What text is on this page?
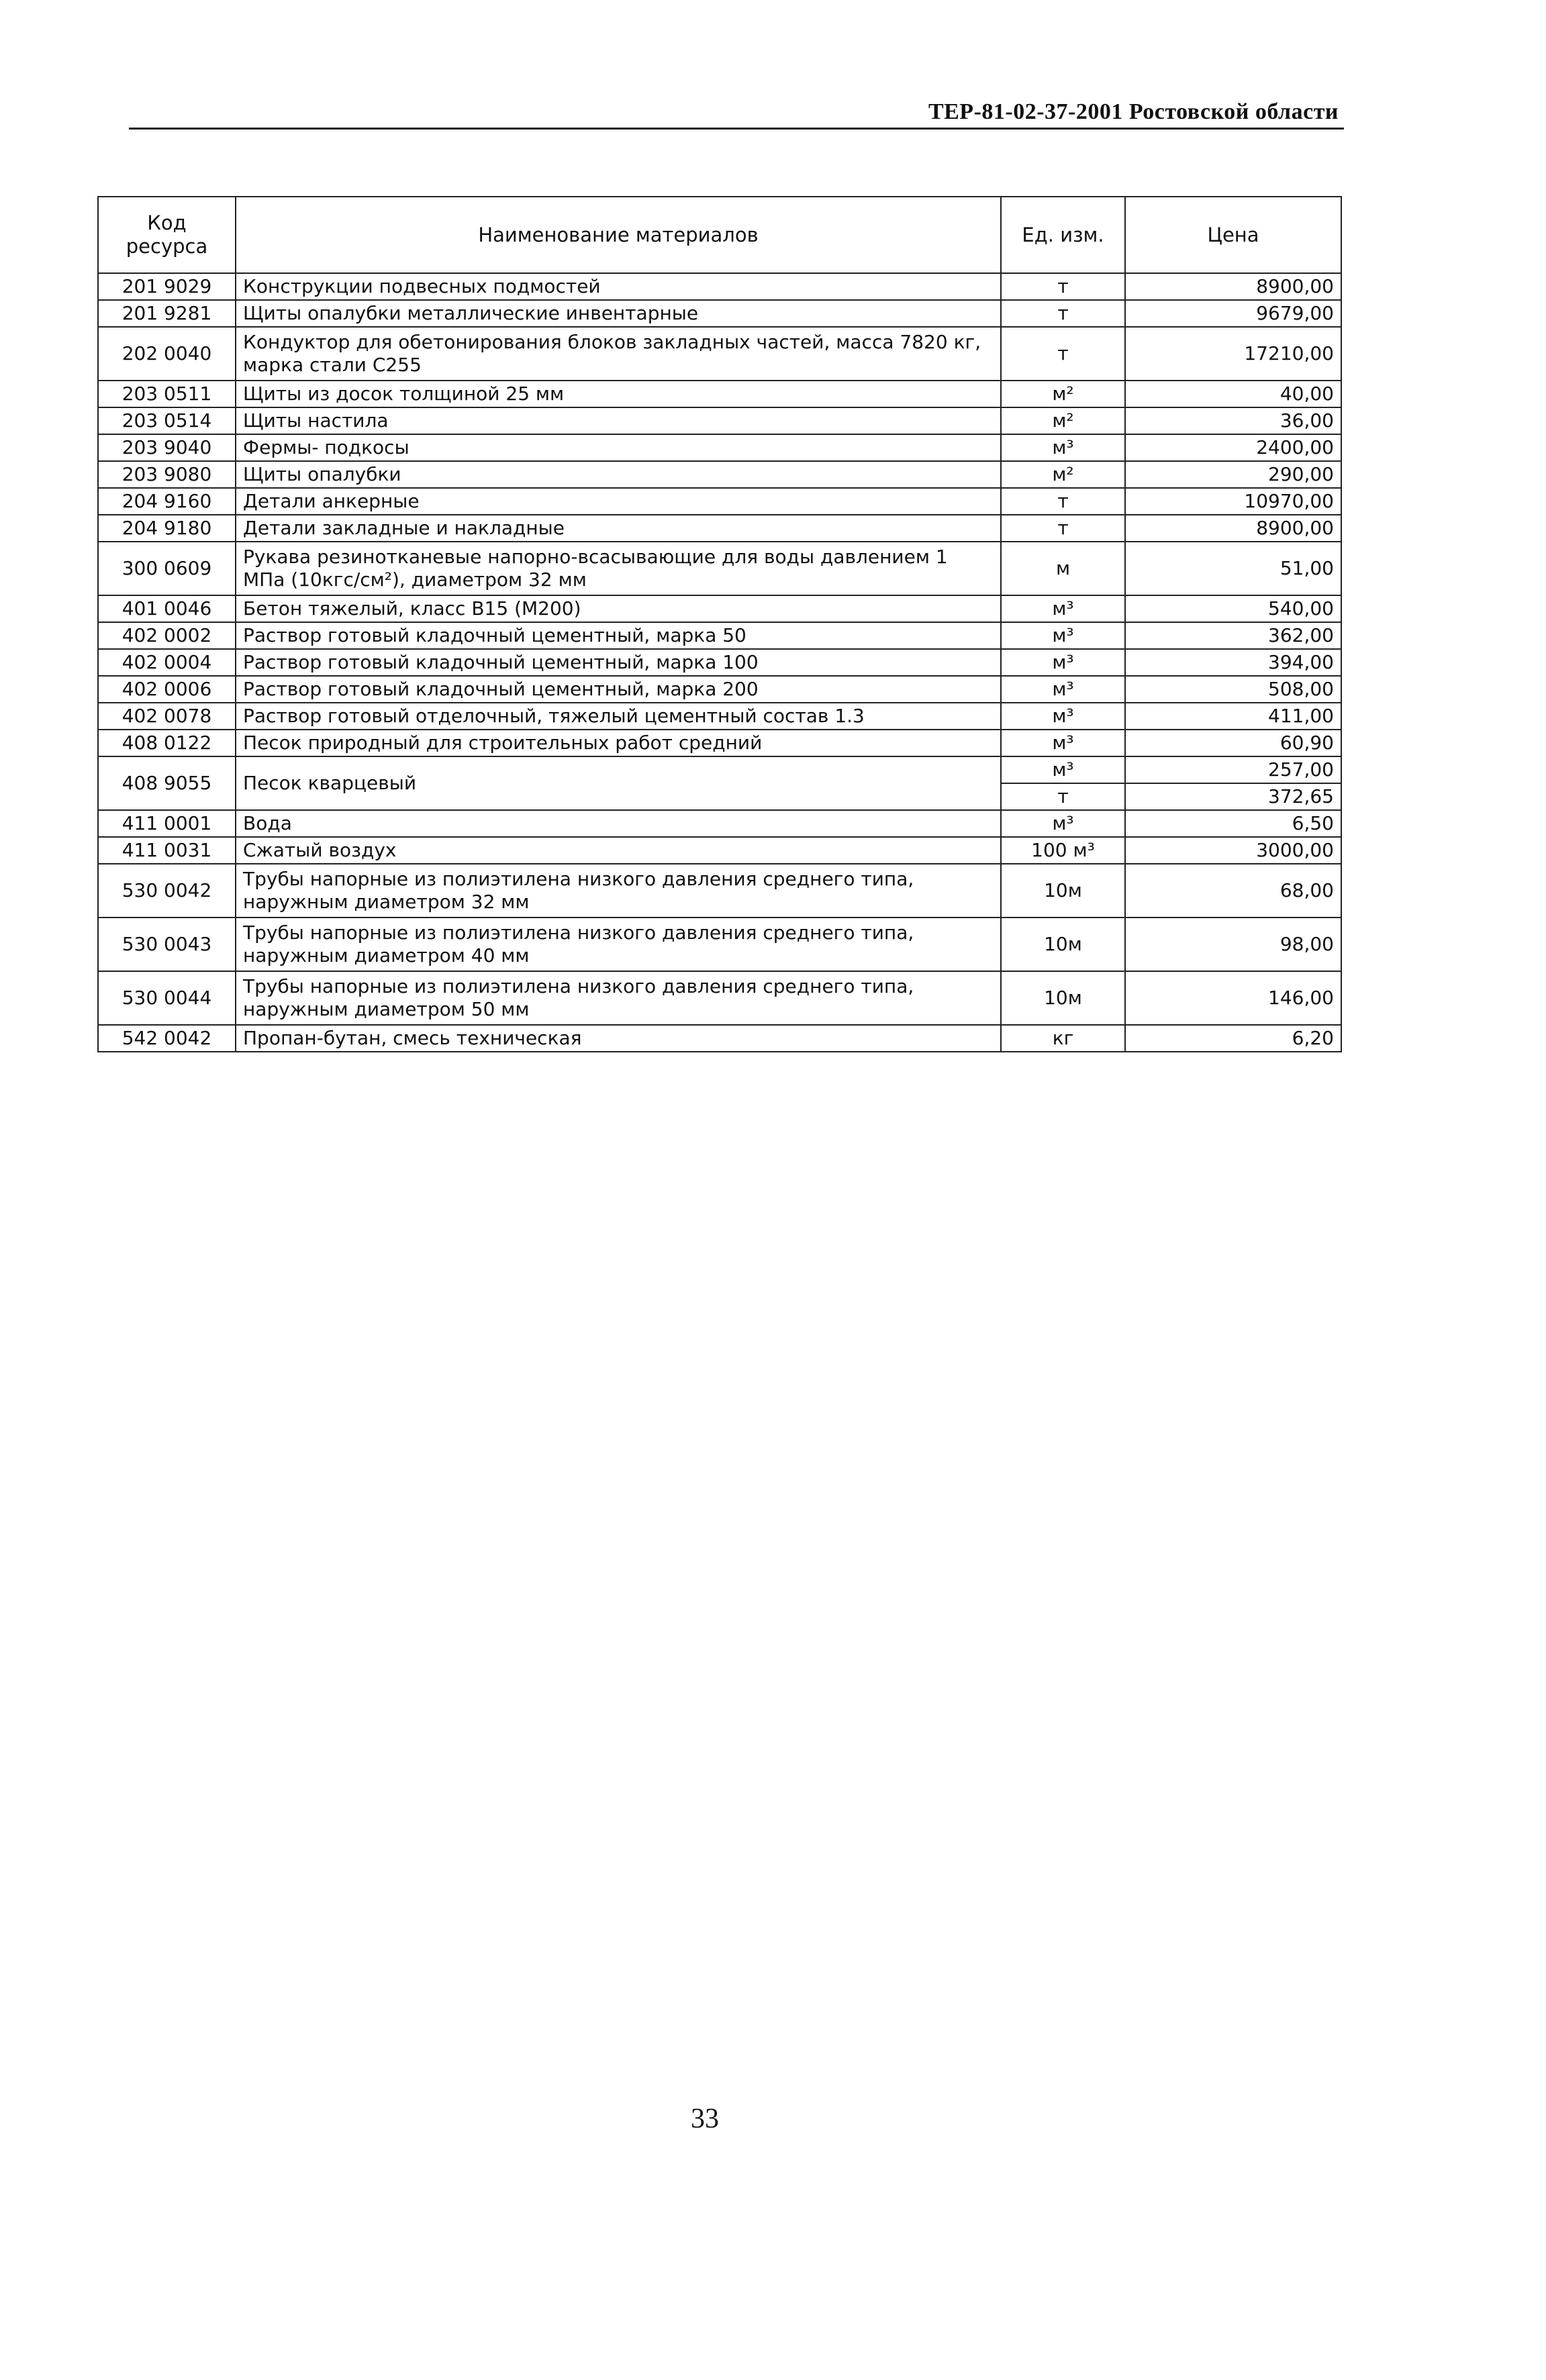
ТЕР-81-02-37-2001 Ростовской области
Код ресурса	Наименование материалов	Ед. изм.	Цена
201 9029	Конструкции подвесных подмостей	т	8900,00
201 9281	Щиты опалубки металлические инвентарные	т	9679,00
202 0040	Кондуктор для обетонирования блоков закладных частей, масса 7820 кг, марка стали С255	т	17210,00
203 0511	Щиты из досок толщиной 25 мм	м²	40,00
203 0514	Щиты настила	м²	36,00
203 9040	Фермы- подкосы	м³	2400,00
203 9080	Щиты опалубки	м²	290,00
204 9160	Детали анкерные	т	10970,00
204 9180	Детали закладные и накладные	т	8900,00
300 0609	Рукава резинотканевые напорно-всасывающие для воды давлением 1 МПа (10кгс/см²), диаметром 32 мм	м	51,00
401 0046	Бетон тяжелый, класс В15 (М200)	м³	540,00
402 0002	Раствор готовый кладочный цементный, марка 50	м³	362,00
402 0004	Раствор готовый кладочный цементный, марка 100	м³	394,00
402 0006	Раствор готовый кладочный цементный, марка 200	м³	508,00
402 0078	Раствор готовый отделочный, тяжелый цементный состав 1.3	м³	411,00
408 0122	Песок природный для строительных работ средний	м³	60,90
408 9055	Песок кварцевый	м³	257,00
		т	372,65
411 0001	Вода	м³	6,50
411 0031	Сжатый воздух	100 м³	3000,00
530 0042	Трубы напорные из полиэтилена низкого давления среднего типа, наружным диаметром 32 мм	10м	68,00
530 0043	Трубы напорные из полиэтилена низкого давления среднего типа, наружным диаметром 40 мм	10м	98,00
530 0044	Трубы напорные из полиэтилена низкого давления среднего типа, наружным диаметром 50 мм	10м	146,00
542 0042	Пропан-бутан, смесь техническая	кг	6,20
33
